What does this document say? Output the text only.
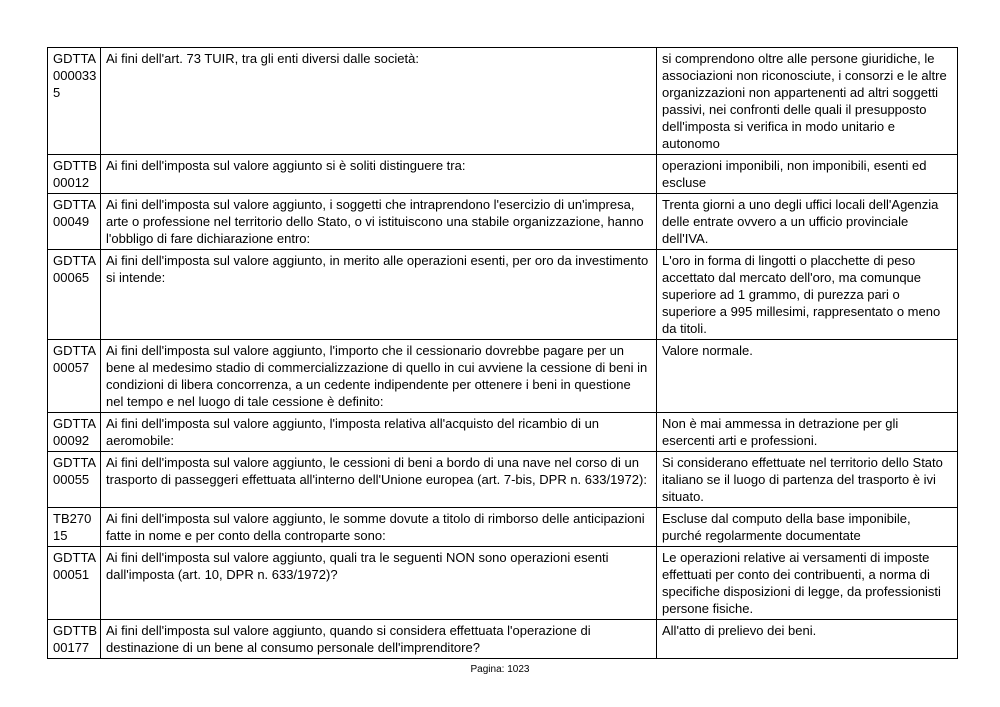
GDTTA0000335	Ai fini dell'art. 73 TUIR, tra gli enti diversi dalle società:	si comprendono oltre alle persone giuridiche, le associazioni non riconosciute, i consorzi e le altre organizzazioni non appartenenti ad altri soggetti passivi, nei confronti delle quali il presupposto dell'imposta si verifica in modo unitario e autonomo
GDTTB00012	Ai fini dell'imposta sul valore aggiunto si è soliti distinguere tra:	operazioni imponibili, non imponibili, esenti ed escluse
GDTTA00049	Ai fini dell'imposta sul valore aggiunto, i soggetti che intraprendono l'esercizio di un'impresa, arte o professione nel territorio dello Stato, o vi istituiscono una stabile organizzazione, hanno l'obbligo di fare dichiarazione entro:	Trenta giorni a uno degli uffici locali dell'Agenzia delle entrate ovvero a un ufficio provinciale dell'IVA.
GDTTA00065	Ai fini dell'imposta sul valore aggiunto, in merito alle operazioni esenti, per oro da investimento si intende:	L'oro in forma di lingotti o placchette di peso accettato dal mercato dell'oro, ma comunque superiore ad 1 grammo, di purezza pari o superiore a 995 millesimi, rappresentato o meno da titoli.
GDTTA00057	Ai fini dell'imposta sul valore aggiunto, l'importo che il cessionario dovrebbe pagare per un bene al medesimo stadio di commercializzazione di quello in cui avviene la cessione di beni in condizioni di libera concorrenza, a un cedente indipendente per ottenere i beni in questione nel tempo e nel luogo di tale cessione è definito:	Valore normale.
GDTTA00092	Ai fini dell'imposta sul valore aggiunto, l'imposta relativa all'acquisto del ricambio di un aeromobile:	Non è mai ammessa in detrazione per gli esercenti arti e professioni.
GDTTA00055	Ai fini dell'imposta sul valore aggiunto, le cessioni di beni a bordo di una nave nel corso di un trasporto di passeggeri effettuata all'interno dell'Unione europea (art. 7-bis, DPR n. 633/1972):	Si considerano effettuate nel territorio dello Stato italiano se il luogo di partenza del trasporto è ivi situato.
TB27015	Ai fini dell'imposta sul valore aggiunto, le somme dovute a titolo di rimborso delle anticipazioni fatte in nome e per conto della controparte sono:	Escluse dal computo della base imponibile, purché regolarmente documentate
GDTTA00051	Ai fini dell'imposta sul valore aggiunto, quali tra le seguenti NON sono operazioni esenti dall'imposta (art. 10, DPR n. 633/1972)?	Le operazioni relative ai versamenti di imposte effettuati per conto dei contribuenti, a norma di specifiche disposizioni di legge, da professionisti persone fisiche.
GDTTB00177	Ai fini dell'imposta sul valore aggiunto, quando si considera effettuata l'operazione di destinazione di un bene al consumo personale dell'imprenditore?	All'atto di prelievo dei beni.
Pagina: 1023
